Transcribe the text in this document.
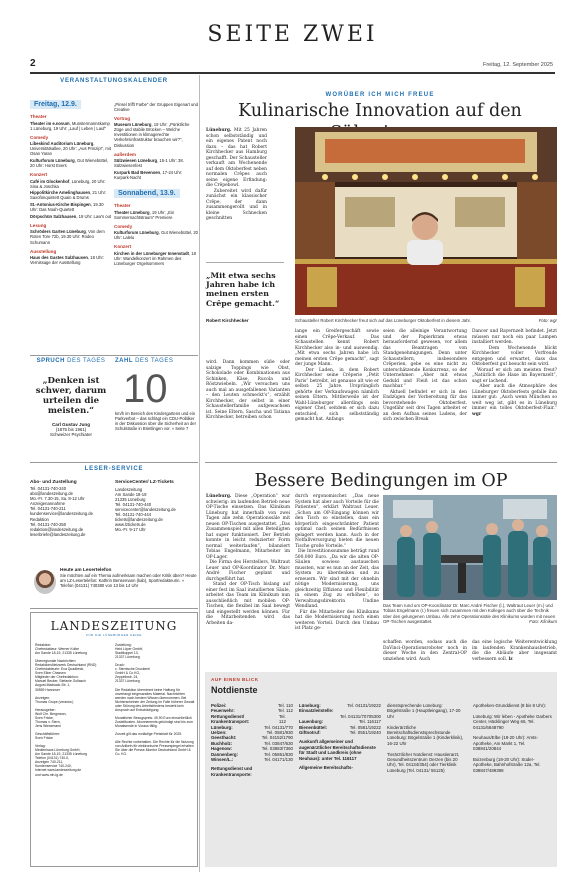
SEITE ZWEI
2	Freitag, 12. September 2025
VERANSTALTUNGSKALENDER
Freitag, 12.9.
Theater
Theater im e.novum, Munstermannskamp 1 Lüneburg, 19 Uhr: „Lauf | Leben | Lauf“
Comedy
Libeskind Auditorium Lüneburg, Universitätsallee, 20 Uhr: „Aus Prinzip!“, mit Osan Yaran
Kulturforum Lüneburg, Gut Wienebüttel, 20 Uhr: Horst Evers
Konzert
Café im Glockenhof, Lüneburg, 20 Uhr: Sina & Joschka
Hippolitkirche Amelinghausen, 21 Uhr: Saxofonquintett Quain & Drums
St.-Antonius-Kirche Bispingen, 19.30 Uhr: Das Noah-Quartett
Dörpschün Salzhausen, 19 Uhr: Law's out
Lesung
Schröders Garten Lüneburg, Von dem Roten Tore 72b, 19.30 Uhr: Rodeo Schumann
Ausstellung
Haus des Gastes Salzhausen, 18 Uhr: Vernissage der Ausstellung
„Pinsel trifft Farbe“ der Gruppen Eigenart und Creative
Vortrag
Museum Lüneburg, 19 Uhr: „Pünktliche Züge und stabile Brücken – Welche Investitionen in klimagerechte Verkehrsinfrastruktur brauchen wir?“, Diskussion
außerdem
Sülzwiesen Lüneburg, 15-1 Uhr: 38. Sülzwiesenfest
Kurpark Bad Bevensen, 17-24 Uhr: Kurpark-Nacht
Sonnabend, 13.9.
Theater
Theater Lüneburg, 19 Uhr: „Ein Sommernachtstraum“ Premiere
Comedy
Kulturforum Lüneburg, Gut Wienebüttel, 20 Uhr: Lalelu
Konzert
Kirchen in der Lüneburger Innenstadt, 18 Uhr: Wandelkonzert im Rahmen des Lüneburger Orgelsommers
SPRUCH DES TAGES
„Denken ist schwer, darum urteilen die meisten.“
Carl Gustav Jung
(1875 bis 1961)
Schweizer Psychiater
ZAHL DES TAGES
10
km/h im Bereich des Kindergartens und ein Parkverbot – das schlägt ein CDU-Politiker in der Diskussion über die Sicherheit an der Schulstraße in Brietlingen vor. » Seite 7
LESER-SERVICE
Abo- und Zustellung
Tel. 04131-740-240
abo@landeszeitung.de
Mo.-Fr. 7.30-15, Sa. 8-12 Uhr
Anzeigenannahme
Tel. 04131-740-211
kundenservice@landeszeitung.de
Redaktion
Tel. 04131-740-250
redaktion@landeszeitung.de
leserbriefe@landeszeitung.de
ServiceCenter/ LZ-Tickets
Landeszeitung
Am Sande 18-19
21335 Lüneburg
Tel. 04131-740-440
servicecenter@landeszeitung.de
Tel. 04131-740-444
tickets@landeszeitung.de
www.lztickets.de
Mo.-Fr. 9-17 Uhr
Heute am Lesertelefon
Sie möchten auf ein Thema aufmerksam machen oder Kritik üben? Heute am LZ-Lesertelefon: Kathrin Bensemann (kab), Sportredakteurin. » Telefon (04131) 740380 von 13 bis 14 Uhr
LANDESZEITUNG
FÜR DIE LÜNEBURGER HEIDE
Redaktion:
Chefredakteur: Werner Kolbe
Am Sande 18-19, 21335 Lüneburg

Überregionale Nachrichten:
RedaktionsNetzwerk Deutschland (RND)
Chefredakteurin: Eva Quadbeck,
Sven Elker Chassen
Mitglieder der Chefredaktion:
Manuel Becker, Stefanie Gollasch
August-Madsack-Str. 1,
30559 Hannover

Anzeigen:
Thomas Grupe (verantw.)

Herausgeber:
Wolf Chr. Bergmann,
Sven Fricke,
Thomas v. Stern,
Jens Wiesemann

Geschäftsführer:
Sven Fricke

Verlag:
Medienhaus Lüneburg GmbH,
Am Sande 18-19, 21335 Lüneburg
Telefon (04131) 740-0,
Anzeigen 740-211,
Kundenservice 740-240,
Internet www.landeszeitung.de
und www.mh-lg.de
Zustellung:
Heid Löper GmbH,
Stadtkoppel 13,
21337 Lüneburg

Druck:
c. Sternische Druckerei
GmbH & Co KG,
Zeppelinstr. 24,
21337 Lüneburg

Die Redaktion übernimmt keine Haftung für unverlangt eingesandtes Material. Nachrichten werden nach bestem Wissen übernommen. Bei Nichterscheinen der Zeitung im Falle höherer Gewalt oder Störung des Arbeitsfriedens besteht kein Anspruch auf Entschädigung.

Monatlicher Bezugspreis: 49,90 Euro einschließlich Zustellkosten. Abonnements gekündigt sind bis zum Monatsende in Voraus fällig.

Zurzeit gilt das vorläufige Preisblatt für 2025.

Alle Rechte vorbehalten. Die Rechte für die Nutzung von Artikeln für elektronische Pressespiegel erhalten Sie über die Presse-Monitor Deutschland GmbH & Co. KG.
WORÜBER ICH MICH FREUE
Kulinarische Innovation auf den
Lüneburg. Mit 25 Jahren schon selbstständig und ein eigenes Patent noch dazu – das hat Robert Kirchhecker aus Hamburg geschafft. Der Schausteller verkauft am Wochenende auf dem Oktoberfest neben normalen Crêpes auch seine eigene Erfindung: die Crêpebowl.
Zubereitet wird dafür zunächst ein klassischer Crêpe, der dann zusammengerollt und in kleine Schnecken geschnitten
„Mit etwa sechs Jahren habe ich meinen ersten Crêpe gemacht.“
Robert Kirchhecker	Schausteller Robert Kirchhecker freut sich auf das Lüneburger Oktoberfest in diesem Jahr.	Foto: wgr
wird. Dann kommen süße oder salzige Toppings wie Obst, Schokolade oder Kombinationen aus Schinken, Käse, Rucola und Röstzwiebeln. „Wir versuchen uns auch mal an ausgefallenen Varianten – den Leuten schmeckt's“, erzählt Kirchhecker, der selbst in einer Schaustellerfamilie aufgewachsen ist. Seine Eltern, Sascha und Tatiana Kirchhecker, betreiben schon
lange ein Greifergeschäft sowie einen Crêpe-Verkauf. Das Schaustellen kennt Robert Kirchhecker also in- und auswendig. „Mit etwa sechs Jahren habe ich meinen ersten Crêpe gemacht“, sagt der junge Mann.
Der Laden, in dem Robert Kirchhecker seine Crêperie „Petit Paris“ betreibt, ist genauso alt wie er selbst: 25 Jahre. Ursprünglich gehörte der Verkaufswagen nämlich seinen Eltern. Mittlerweile ist der Wahl-Lüneburger allerdings sein eigener Chef, seitdem er sich dazu entschied, sich selbstständig gemacht hat. Anfangs
seien die alleinige Verantwortung und der Papierkram etwas herausfordernd gewesen, vor allem das Beantragen von Standgenehmigungen. Denn unter Schaustellern, insbesondere Crêperien, gebe es eine nicht zu unterschätzende Konkurrenz, so der Unternehmer: „Aber mit etwas Geduld und Fleiß ist das schon machbar.“
Aktuell befindet er sich in den Endzügen der Vorbereitung für das bevorstehende Oktoberfest. Ungefähr seit drei Tagen arbeitet er an dem Aufbau seines Ladens, der sich zwischen Break
Dancer und Bayernzelt befindet. Jetzt müssen nur noch ein paar Lampen installiert werden.
Dem Wochenende blickt Kirchhecker voller Vorfreude entgegen und erwartet, dass das Oktoberfest gut besucht sein wird.
Worauf er sich am meisten freut? „Natürlich die Haxe im Bayernzelt“, sagt er lachend.
Aber auch die Atmosphäre des Lüneburger Oktoberfests gefalle ihm immer gut: „Auch wenn München so weit weg ist, gibt es in Lüneburg immer ein tolles Oktoberfest-Flair.“ wgr
Bessere Bedingungen im OP
Lüneburg. Diese „Operation“ war schwierig: im laufenden Betrieb neue OP-Tische einsetzen. Das Klinikum Lüneburg hat innerhalb von zwei Tagen alle zehn Operationssäle mit neuen OP-Tischen ausgestattet. „Das Zusammenspiel mit allen Beteiligten hat super funktioniert. Der Betrieb konnte in leicht reduzierter Form normal weiterlaufen“, bilanziert Tobias Engelmann, Mitarbeiter im OP-Lager.
Die Firma des Herstellers, Waltraut Leuer und OP-Koordinator Dr. Marc André Fischer geplant und durchgeführt hat.
Stand der OP-Tisch bislang auf einer fest im Saal installierten Säule, arbeitet das Team im Klinikum nun ausschließlich mit mobilen OP-Tischen, die flexibel im Saal bewegt und eingestellt werden können. Für die Mitarbeitenden wird das Arbeiten da-
durch ergonomischer. „Das neue System hat aber auch Vorteile für die Patienten“, erklärt Waltraut Leuer. „Schon am OP-Eingang können wir den Tisch so einstellen, dass ein körperlich eingeschränkter Patient optimal nach seinen Bedürfnissen gelagert werden kann. Auch in der Notfallversorgung bieten die neuen Tische große Vorteile.“
Die Investitionssumme beträgt rund 500.000 Euro. „Da wir die alten OP-Säulen sowieso austauschen mussten, war es nun an der Zeit, das System zu überdenken und zu erneuern. Wir sind mit der ohnehin nötige Modernisierung, uns gleichzeitig Effizienz und Flexibilität in einem Zug zu erhöhen“, so Verwaltungsdirektorin Undine Wendland.
Für die Mitarbeiter des Klinikums hat die Modernisierung noch einen weiteren Vorteil. Durch den Umbau ist Platz ge-
Das Team rund um OP-Koordinator Dr. Marc André Fischer (l.), Waltraut Leuer (m.) und Tobias Engelmann (r.) freuen sich zusammen mit den Kollegen auch über die Technik über den gelungenen Umbau. Alle zehn Operationssäle des Klinikums wurden mit neuen OP-Tischen ausgestattet.	Foto: Klinikum
schaffen worden, sodass auch die DaVinci-Operationsroboter noch in dieser Woche in den Zentral-OP umziehen wird. Auch
das eine logische Weiterentwicklung im laufenden Krankenhausbetrieb, die die Abläufe aber insgesamt verbessern soll. lz
AUF EINEN BLICK
Notdienste
Polizei:	Tel. 110
Feuerwehr:	Tel. 112
Rettungsdienst/ Krankentransport:
Tel. 112
Lüneburg:	Tel. 04131/770
Uelzen:	Tel. 0581/930
Geesthacht:	Tel. 04152/1790
Buchholz:	Tel. 03847/630
Hagenow:	Tel. 03883/7360
Dannenberg:	Tel. 05861/830
Winsen/L.:	Tel. 04171/130
Rettungsdienst und Krankentransporte:
Lüneburg:	Tel. 04131/19222
Einsatzleitstelle:
Tel. 04131/70705300
Lauenburg:	Tel. 116117
Bienenbüttel:	Tel. 0581/19222
Giftnotruf:	Tel. 0551/19240
Auskunft allgemeiner und augenärztlicher Bereitschaftsdienste für Stadt und Landkreis (ohne Neuhaus): unter Tel. 116117
Allgemeine Bereitschafts-
dienstsprechende Lüneburg: Bögelstraße 1 (Hauptleingang), 17-20 Uhr

Kinderärztliche Bereitschaftsdienstsprechstunde Lüneburg: Bögelstraße 1 (Kinderklinik), 16-22 Uhr

Tierärztlicher Notdienst: Haustierarzt, Gesundheitszentrum Oerzen (bis 20 Uhr), Tel. 04134/354) oder Tierklinik Lüneburg (Tel. 04131/ 55125)
Apotheken-Grunddienst (8 bis 8 Uhr):

Lüneburg: Wir leben - Apotheke Garbers Center, Häcklinger Weg 66, Tel. 04131/6848790

Neuhaus/Elbe (18-20 Uhr): Amts-Apotheke, Am Markt 1, Tel. 038841/20844

Boizenburg (18-20 Uhr): Süder-Apotheke, Bahnhofstraße 12a, Tel. 038847/489398
